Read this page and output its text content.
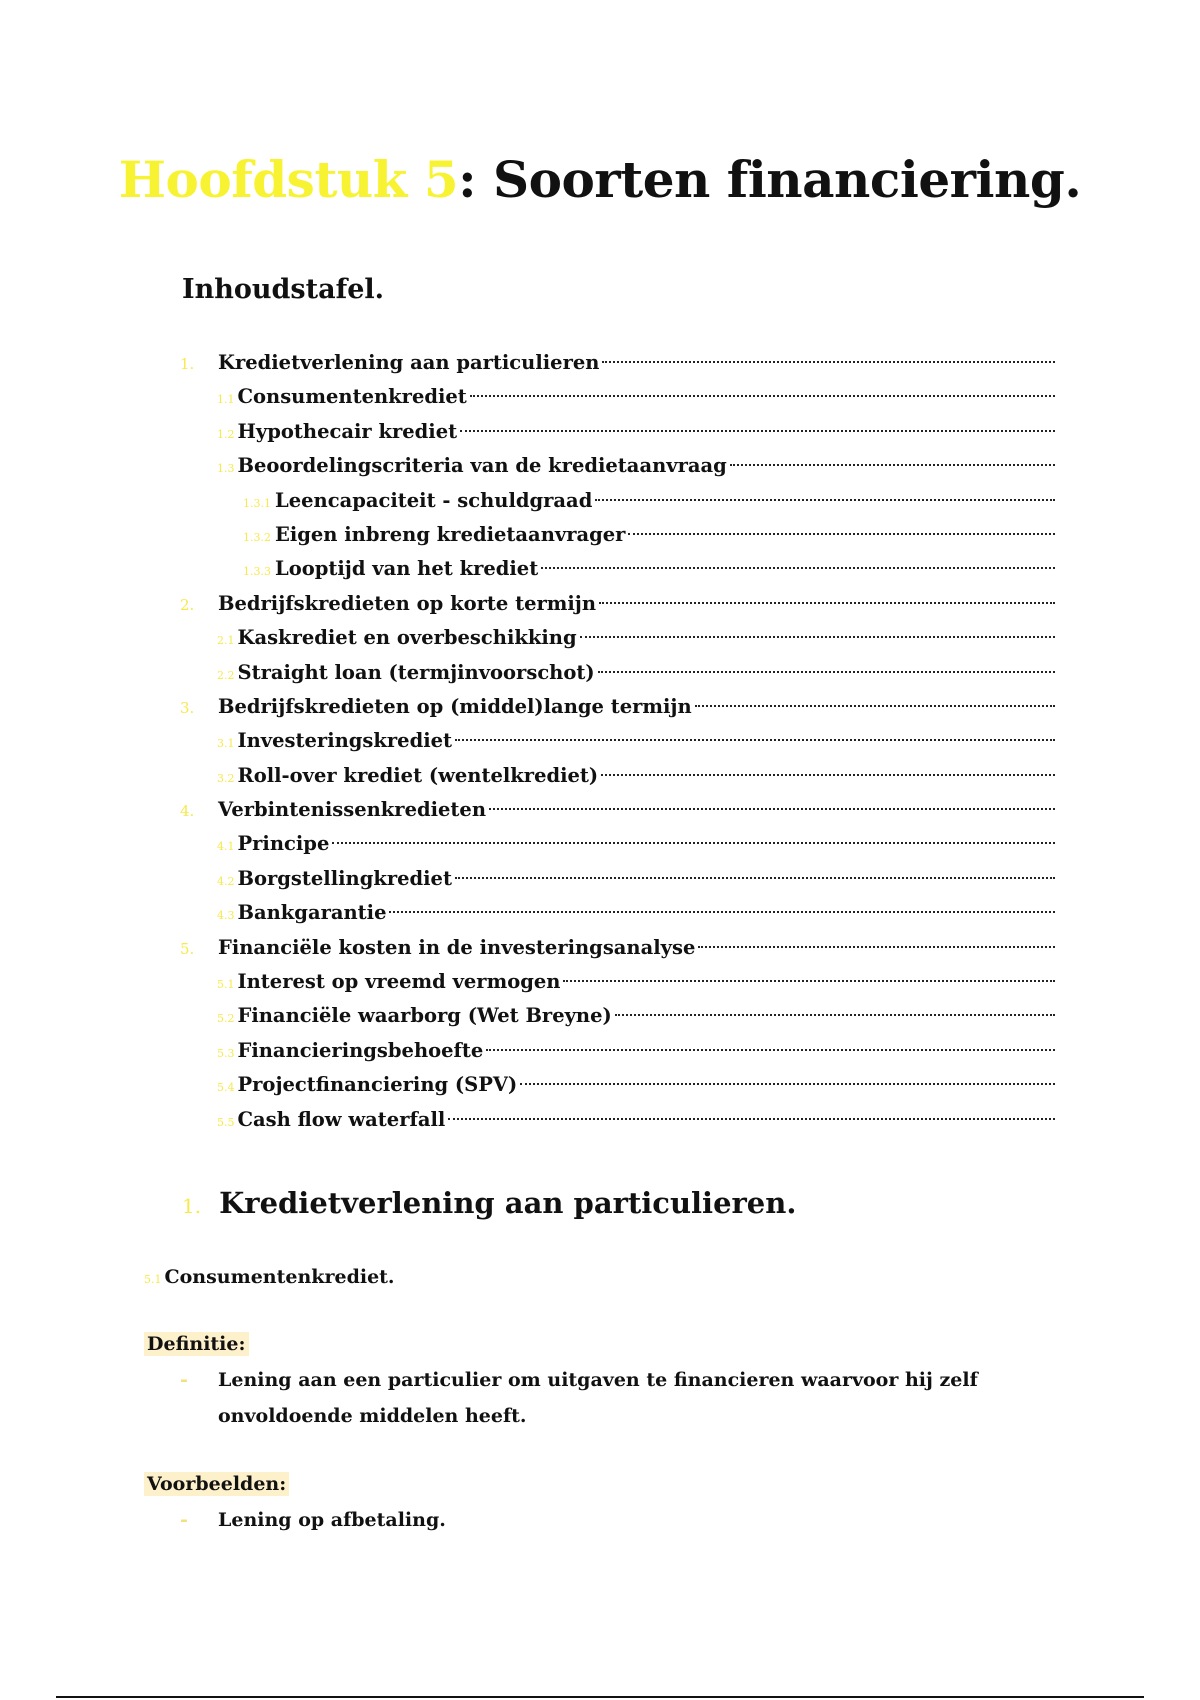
Hoofdstuk 5: Soorten financiering.
Inhoudstafel.
1.	Kredietverlening aan particulieren
1.1 Consumentenkrediet
1.2 Hypothecair krediet
1.3 Beoordelingscriteria van de kredietaanvraag
1.3.1 Leencapaciteit - schuldgraad
1.3.2 Eigen inbreng kredietaanvrager
1.3.3 Looptijd van het krediet
2.	Bedrijfskredieten op korte termijn
2.1 Kaskrediet en overbeschikking
2.2 Straight loan (termjinvoorschot)
3.	Bedrijfskredieten op (middel)lange termijn
3.1 Investeringskrediet
3.2 Roll-over krediet (wentelkrediet)
4.	Verbintenissenkredieten
4.1 Principe
4.2 Borgstellingkrediet
4.3 Bankgarantie
5.	Financiële kosten in de investeringsanalyse
5.1 Interest op vreemd vermogen
5.2 Financiële waarborg (Wet Breyne)
5.3 Financieringsbehoefte
5.4 Projectfinanciering (SPV)
5.5 Cash flow waterfall
1. Kredietverlening aan particulieren.
5.1 Consumentenkrediet.
Definitie:
-	Lening aan een particulier om uitgaven te financieren waarvoor hij zelf onvoldoende middelen heeft.
Voorbeelden:
-	Lening op afbetaling.
